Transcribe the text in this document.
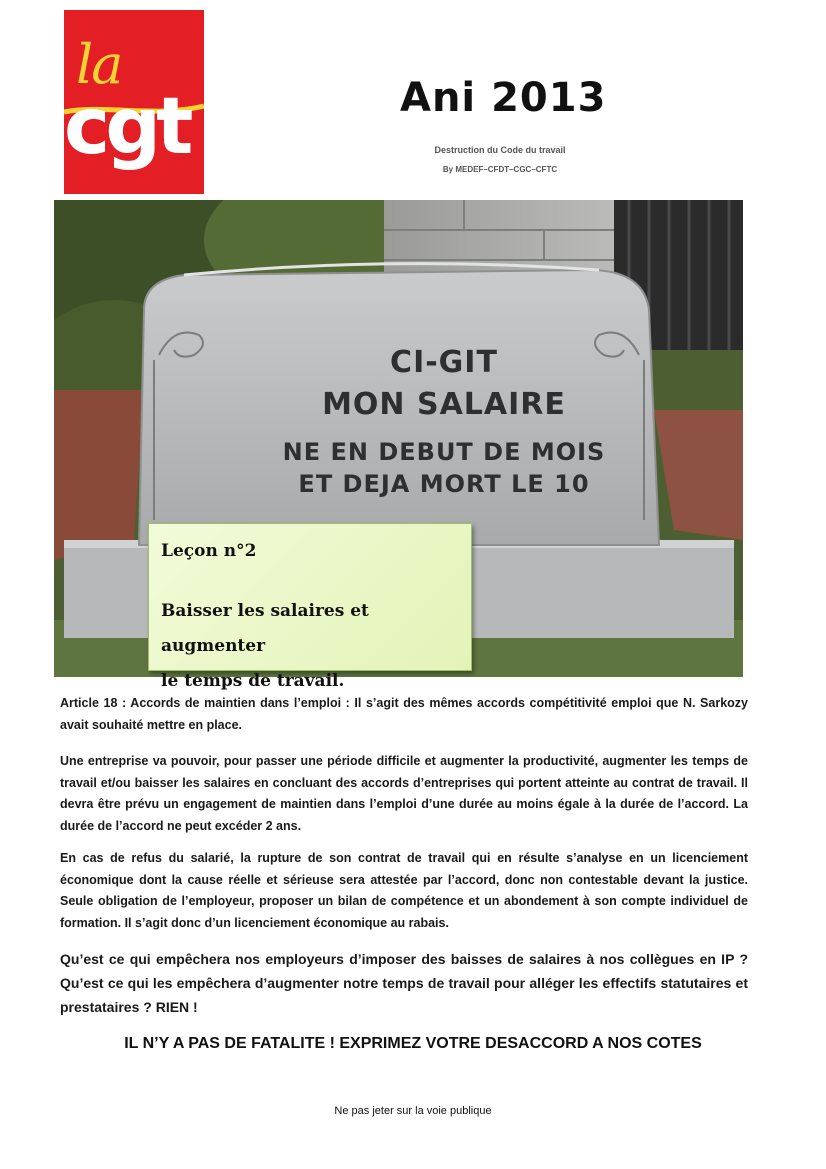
la
cgt	Ani 2013
Destruction du Code du travail
By MEDEF–CFDT–CGC–CFTC
CI-GIT
MON SALAIRE
NE EN DEBUT DE MOIS
ET DEJA MORT LE 10
Leçon n°2
Baisser les salaires et augmenter
le temps de travail.
Article 18 : Accords de maintien dans l’emploi : Il s’agit des mêmes accords compétitivité emploi que N. Sarkozy avait souhaité mettre en place.
Une entreprise va pouvoir, pour passer une période difficile et augmenter la productivité, augmenter les temps de travail et/ou baisser les salaires en concluant des accords d’entreprises qui portent atteinte au contrat de travail. Il devra être prévu un engagement de maintien dans l’emploi d’une durée au moins égale à la durée de l’accord. La durée de l’accord ne peut excéder 2 ans.
En cas de refus du salarié, la rupture de son contrat de travail qui en résulte s’analyse en un licenciement économique dont la cause réelle et sérieuse sera attestée par l’accord, donc non contestable devant la justice. Seule obligation de l’employeur, proposer un bilan de compétence et un abondement à son compte individuel de formation. Il s’agit donc d’un licenciement économique au rabais.
Qu’est ce qui empêchera nos employeurs d’imposer des baisses de salaires à nos collègues en IP ? Qu’est ce qui les empêchera d’augmenter notre temps de travail pour alléger les effectifs statutaires et prestataires ? RIEN !
IL N’Y A PAS DE FATALITE ! EXPRIMEZ VOTRE DESACCORD A NOS COTES
Ne pas jeter sur la voie publique
